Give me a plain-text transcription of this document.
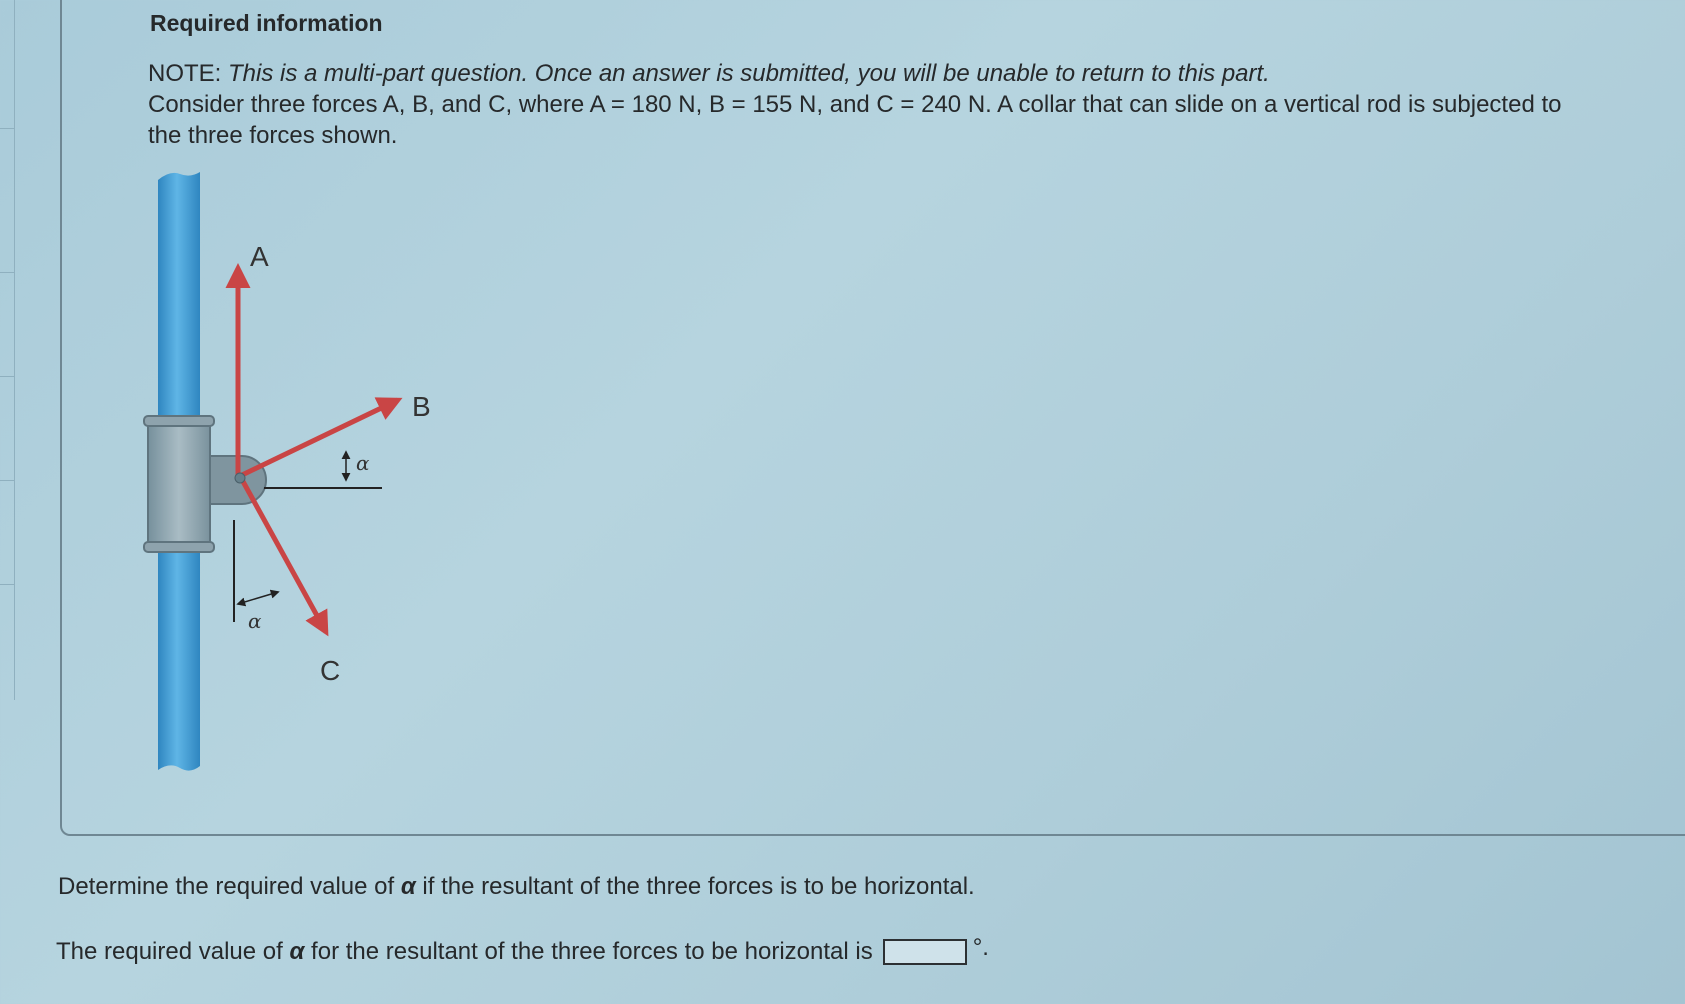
Required information
NOTE: This is a multi-part question. Once an answer is submitted, you will be unable to return to this part.
Consider three forces A, B, and C, where A = 180 N, B = 155 N, and C = 240 N. A collar that can slide on a vertical rod is subjected to the three forces shown.
A
B
α
C
α
Determine the required value of α if the resultant of the three forces is to be horizontal.
The required value of
α
for the resultant of the three forces to be horizontal is	°.
